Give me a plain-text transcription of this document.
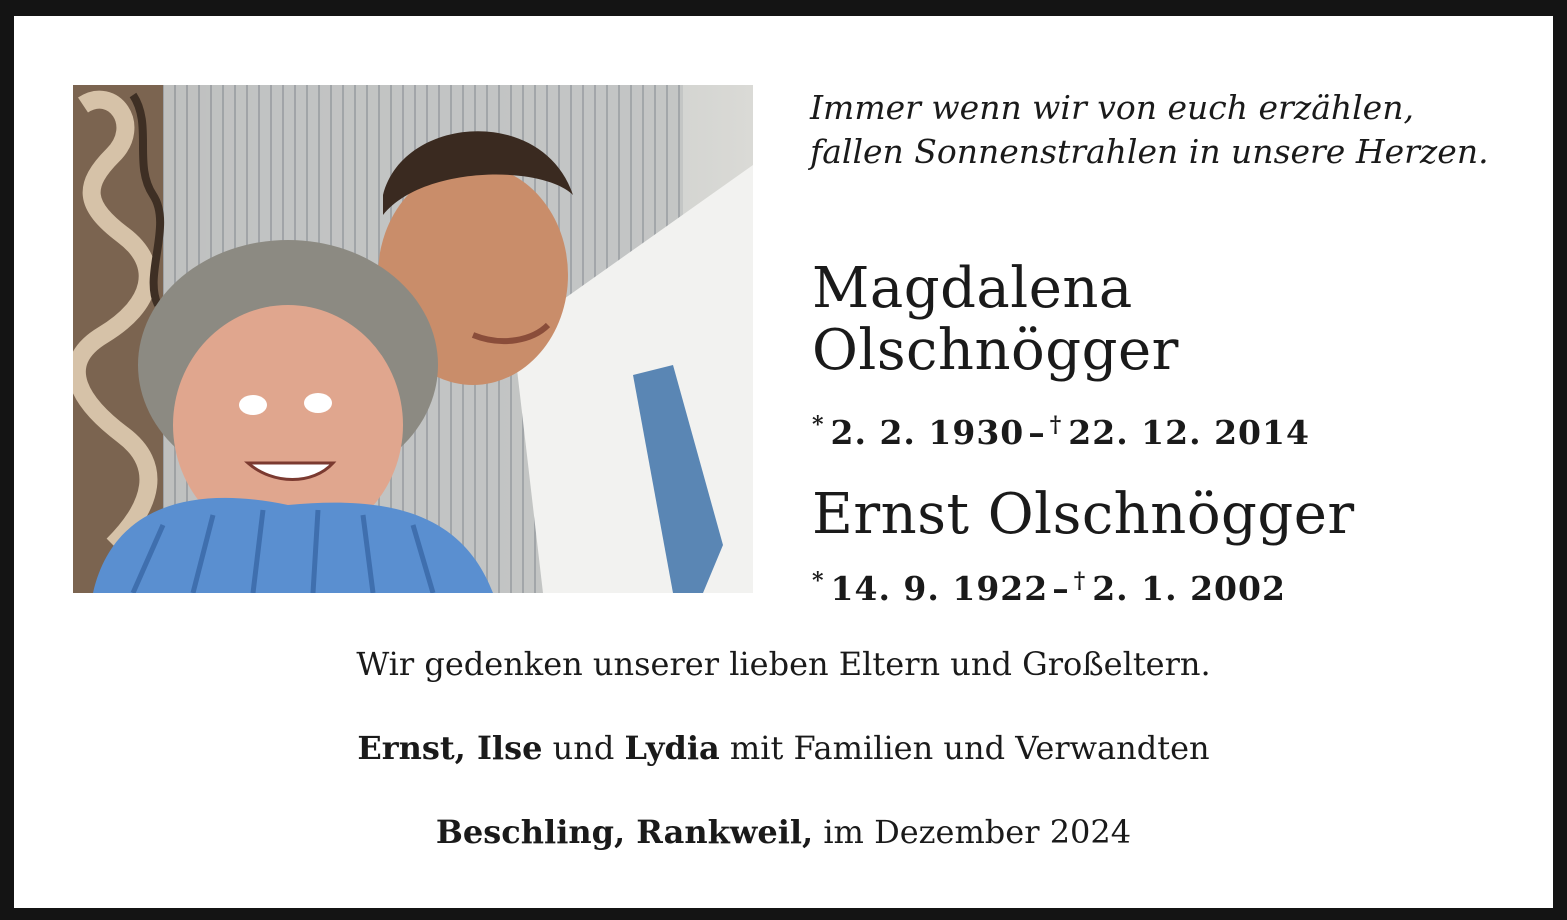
Immer wenn wir von euch erzählen,
fallen Sonnenstrahlen in unsere Herzen.
Magdalena
Olschnögger
* 2. 2. 1930 – † 22. 12. 2014
Ernst Olschnögger
* 14. 9. 1922 – † 2. 1. 2002
Wir gedenken unserer lieben Eltern und Großeltern.
Ernst, Ilse und Lydia mit Familien und Verwandten
Beschling, Rankweil, im Dezember 2024
